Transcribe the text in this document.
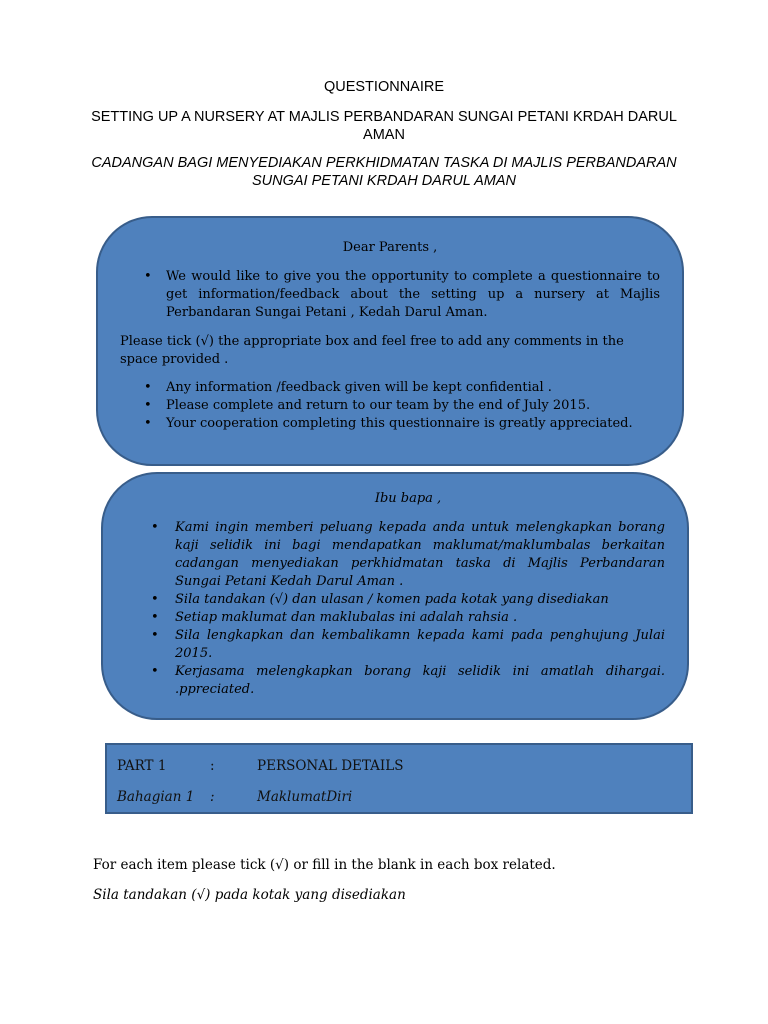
QUESTIONNAIRE
SETTING UP A NURSERY AT MAJLIS PERBANDARAN SUNGAI PETANI KRDAH DARUL AMAN
CADANGAN BAGI MENYEDIAKAN PERKHIDMATAN TASKA DI MAJLIS PERBANDARAN SUNGAI PETANI KRDAH DARUL AMAN
Dear Parents ,
• We would like to give you the opportunity to complete a questionnaire to get information/feedback about the setting up a nursery at Majlis Perbandaran Sungai Petani , Kedah Darul Aman.
Please tick (√) the appropriate box and feel free to add any comments in the space provided .
• Any information /feedback given will be kept confidential .
• Please complete and return to our team by the end of July 2015.
• Your cooperation completing this questionnaire is greatly appreciated.
Ibu bapa ,
• Kami ingin memberi peluang kepada anda untuk melengkapkan borang kaji selidik ini bagi mendapatkan maklumat/maklumbalas berkaitan cadangan menyediakan perkhidmatan taska di Majlis Perbandaran Sungai Petani Kedah Darul Aman .
• Sila tandakan (√) dan ulasan / komen pada kotak yang disediakan
• Setiap maklumat dan maklubalas ini adalah rahsia .
• Sila lengkapkan dan kembalikamn kepada kami pada penghujung Julai 2015.
• Kerjasama melengkapkan borang kaji selidik ini amatlah dihargai. .ppreciated.
PART 1	:	PERSONAL DETAILS
Bahagian 1 :	MaklumatDiri
For each item please tick (√) or fill in the blank in each box related.
Sila tandakan (√) pada kotak yang disediakan
